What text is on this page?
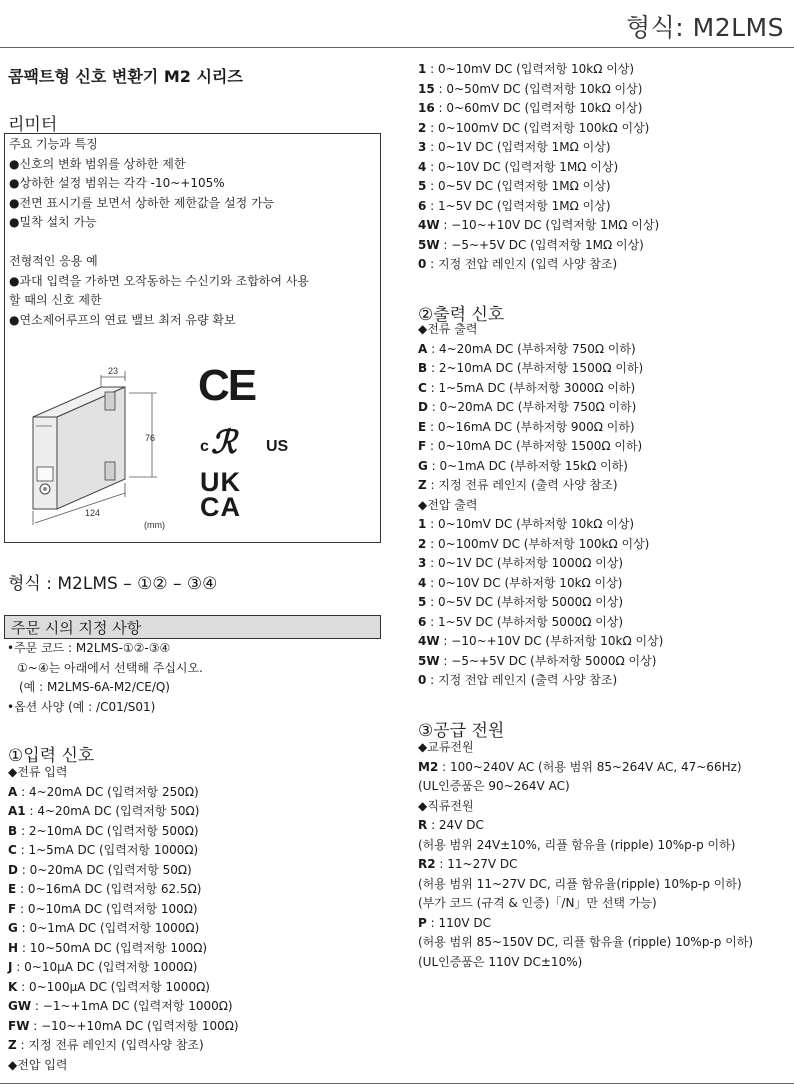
형식: M2LMS
콤팩트형 신호 변환기 M2 시리즈
리미터
주요 기능과 특징
●신호의 변화 범위를 상하한 제한
●상하한 설정 범위는 각각 -10~+105%
●전면 표시기를 보면서 상하한 제한값을 설정 가능
●밀착 설치 가능
전형적인 응용 예
●과대 입력을 가하면 오작동하는 수신기와 조합하여 사용
할 때의 신호 제한
●연소제어루프의 연료 밸브 최저 유량 확보
23
76
124
(mm)
CE
c ℛ US
UK
CA
형식 : M2LMS – ①② – ③④
주문 시의 지정 사항
•주문 코드 : M2LMS-①②-③④
①~④는 아래에서 선택해 주십시오.
(예 : M2LMS-6A-M2/CE/Q)
•옵션 사양 (예 : /C01/S01)
①입력 신호
◆전류 입력
A : 4~20mA DC (입력저항 250Ω)
A1 : 4~20mA DC (입력저항 50Ω)
B : 2~10mA DC (입력저항 500Ω)
C : 1~5mA DC (입력저항 1000Ω)
D : 0~20mA DC (입력저항 50Ω)
E : 0~16mA DC (입력저항 62.5Ω)
F : 0~10mA DC (입력저항 100Ω)
G : 0~1mA DC (입력저항 1000Ω)
H : 10~50mA DC (입력저항 100Ω)
J : 0~10μA DC (입력저항 1000Ω)
K : 0~100μA DC (입력저항 1000Ω)
GW : −1~+1mA DC (입력저항 1000Ω)
FW : −10~+10mA DC (입력저항 100Ω)
Z : 지정 전류 레인지 (입력사양 참조)
◆전압 입력
1 : 0~10mV DC (입력저항 10kΩ 이상)
15 : 0~50mV DC (입력저항 10kΩ 이상)
16 : 0~60mV DC (입력저항 10kΩ 이상)
2 : 0~100mV DC (입력저항 100kΩ 이상)
3 : 0~1V DC (입력저항 1MΩ 이상)
4 : 0~10V DC (입력저항 1MΩ 이상)
5 : 0~5V DC (입력저항 1MΩ 이상)
6 : 1~5V DC (입력저항 1MΩ 이상)
4W : −10~+10V DC (입력저항 1MΩ 이상)
5W : −5~+5V DC (입력저항 1MΩ 이상)
0 : 지정 전압 레인지 (입력 사양 참조)
②출력 신호
◆전류 출력
A : 4~20mA DC (부하저항 750Ω 이하)
B : 2~10mA DC (부하저항 1500Ω 이하)
C : 1~5mA DC (부하저항 3000Ω 이하)
D : 0~20mA DC (부하저항 750Ω 이하)
E : 0~16mA DC (부하저항 900Ω 이하)
F : 0~10mA DC (부하저항 1500Ω 이하)
G : 0~1mA DC (부하저항 15kΩ 이하)
Z : 지정 전류 레인지 (출력 사양 참조)
◆전압 출력
1 : 0~10mV DC (부하저항 10kΩ 이상)
2 : 0~100mV DC (부하저항 100kΩ 이상)
3 : 0~1V DC (부하저항 1000Ω 이상)
4 : 0~10V DC (부하저항 10kΩ 이상)
5 : 0~5V DC (부하저항 5000Ω 이상)
6 : 1~5V DC (부하저항 5000Ω 이상)
4W : −10~+10V DC (부하저항 10kΩ 이상)
5W : −5~+5V DC (부하저항 5000Ω 이상)
0 : 지정 전압 레인지 (출력 사양 참조)
③공급 전원
◆교류전원
M2 : 100~240V AC (허용 범위 85~264V AC, 47~66Hz)
(UL인증품은 90~264V AC)
◆직류전원
R : 24V DC
(허용 범위 24V±10%, 리플 함유율 (ripple) 10%p-p 이하)
R2 : 11~27V DC
(허용 범위 11~27V DC, 리플 함유율(ripple) 10%p-p 이하)
(부가 코드 (규격 & 인증)「/N」만 선택 가능)
P : 110V DC
(허용 범위 85~150V DC, 리플 함유율 (ripple) 10%p-p 이하)
(UL인증품은 110V DC±10%)
